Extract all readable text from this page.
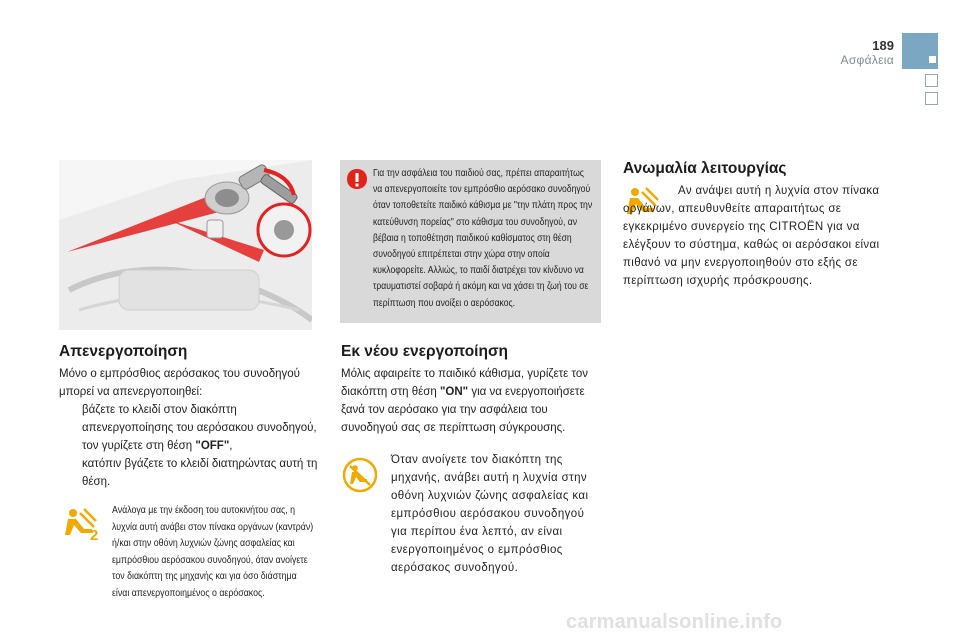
189
Ασφάλεια
Για την ασφάλεια του παιδιού σας, πρέπει απαραιτήτως να απενεργοποιείτε τον εμπρόσθιο αερόσακο συνοδηγού όταν τοποθετείτε παιδικό κάθισμα με "την πλάτη προς την κατεύθυνση πορείας" στο κάθισμα του συνοδηγού, αν βέβαια η τοποθέτηση παιδικού καθίσματος στη θέση συνοδηγού επιτρέπεται στην χώρα στην οποία κυκλοφορείτε. Αλλιώς, το παιδί διατρέχει τον κίνδυνο να τραυματιστεί σοβαρά ή ακόμη και να χάσει τη ζωή του σε περίπτωση που ανοίξει ο αερόσακος.
Απενεργοποίηση
Μόνο ο εμπρόσθιος αερόσακος του συνοδηγού μπορεί να απενεργοποιηθεί:
βάζετε το κλειδί στον διακόπτη απενεργοποίησης του αερόσακου συνοδηγού,
τον γυρίζετε στη θέση "OFF",
κατόπιν βγάζετε το κλειδί διατηρώντας αυτή τη θέση.
2
Ανάλογα με την έκδοση του αυτοκινήτου σας, η λυχνία αυτή ανάβει στον πίνακα οργάνων (καντράν) ή/και στην οθόνη λυχνιών ζώνης ασφαλείας και εμπρόσθιου αερόσακου συνοδηγού, όταν ανοίγετε τον διακόπτη της μηχανής και για όσο διάστημα είναι απενεργοποιημένος ο αερόσακος.
Εκ νέου ενεργοποίηση
Μόλις αφαιρείτε το παιδικό κάθισμα, γυρίζετε τον διακόπτη στη θέση "ON" για να ενεργοποιήσετε ξανά τον αερόσακο για την ασφάλεια του συνοδηγού σας σε περίπτωση σύγκρουσης.
Όταν ανοίγετε τον διακόπτη της μηχανής, ανάβει αυτή η λυχνία στην οθόνη λυχνιών ζώνης ασφαλείας και εμπρόσθιου αερόσακου συνοδηγού για περίπου ένα λεπτό, αν είναι ενεργοποιημένος ο εμπρόσθιος αερόσακος συνοδηγού.
Ανωμαλία λειτουργίας
Αν ανάψει αυτή η λυχνία στον πίνακα οργάνων, απευθυνθείτε απαραιτήτως σε εγκεκριμένο συνεργείο της CITROËN για να ελέγξουν το σύστημα, καθώς οι αερόσακοι είναι πιθανό να μην ενεργοποιηθούν στο εξής σε περίπτωση ισχυρής πρόσκρουσης.
carmanualsonline.info
